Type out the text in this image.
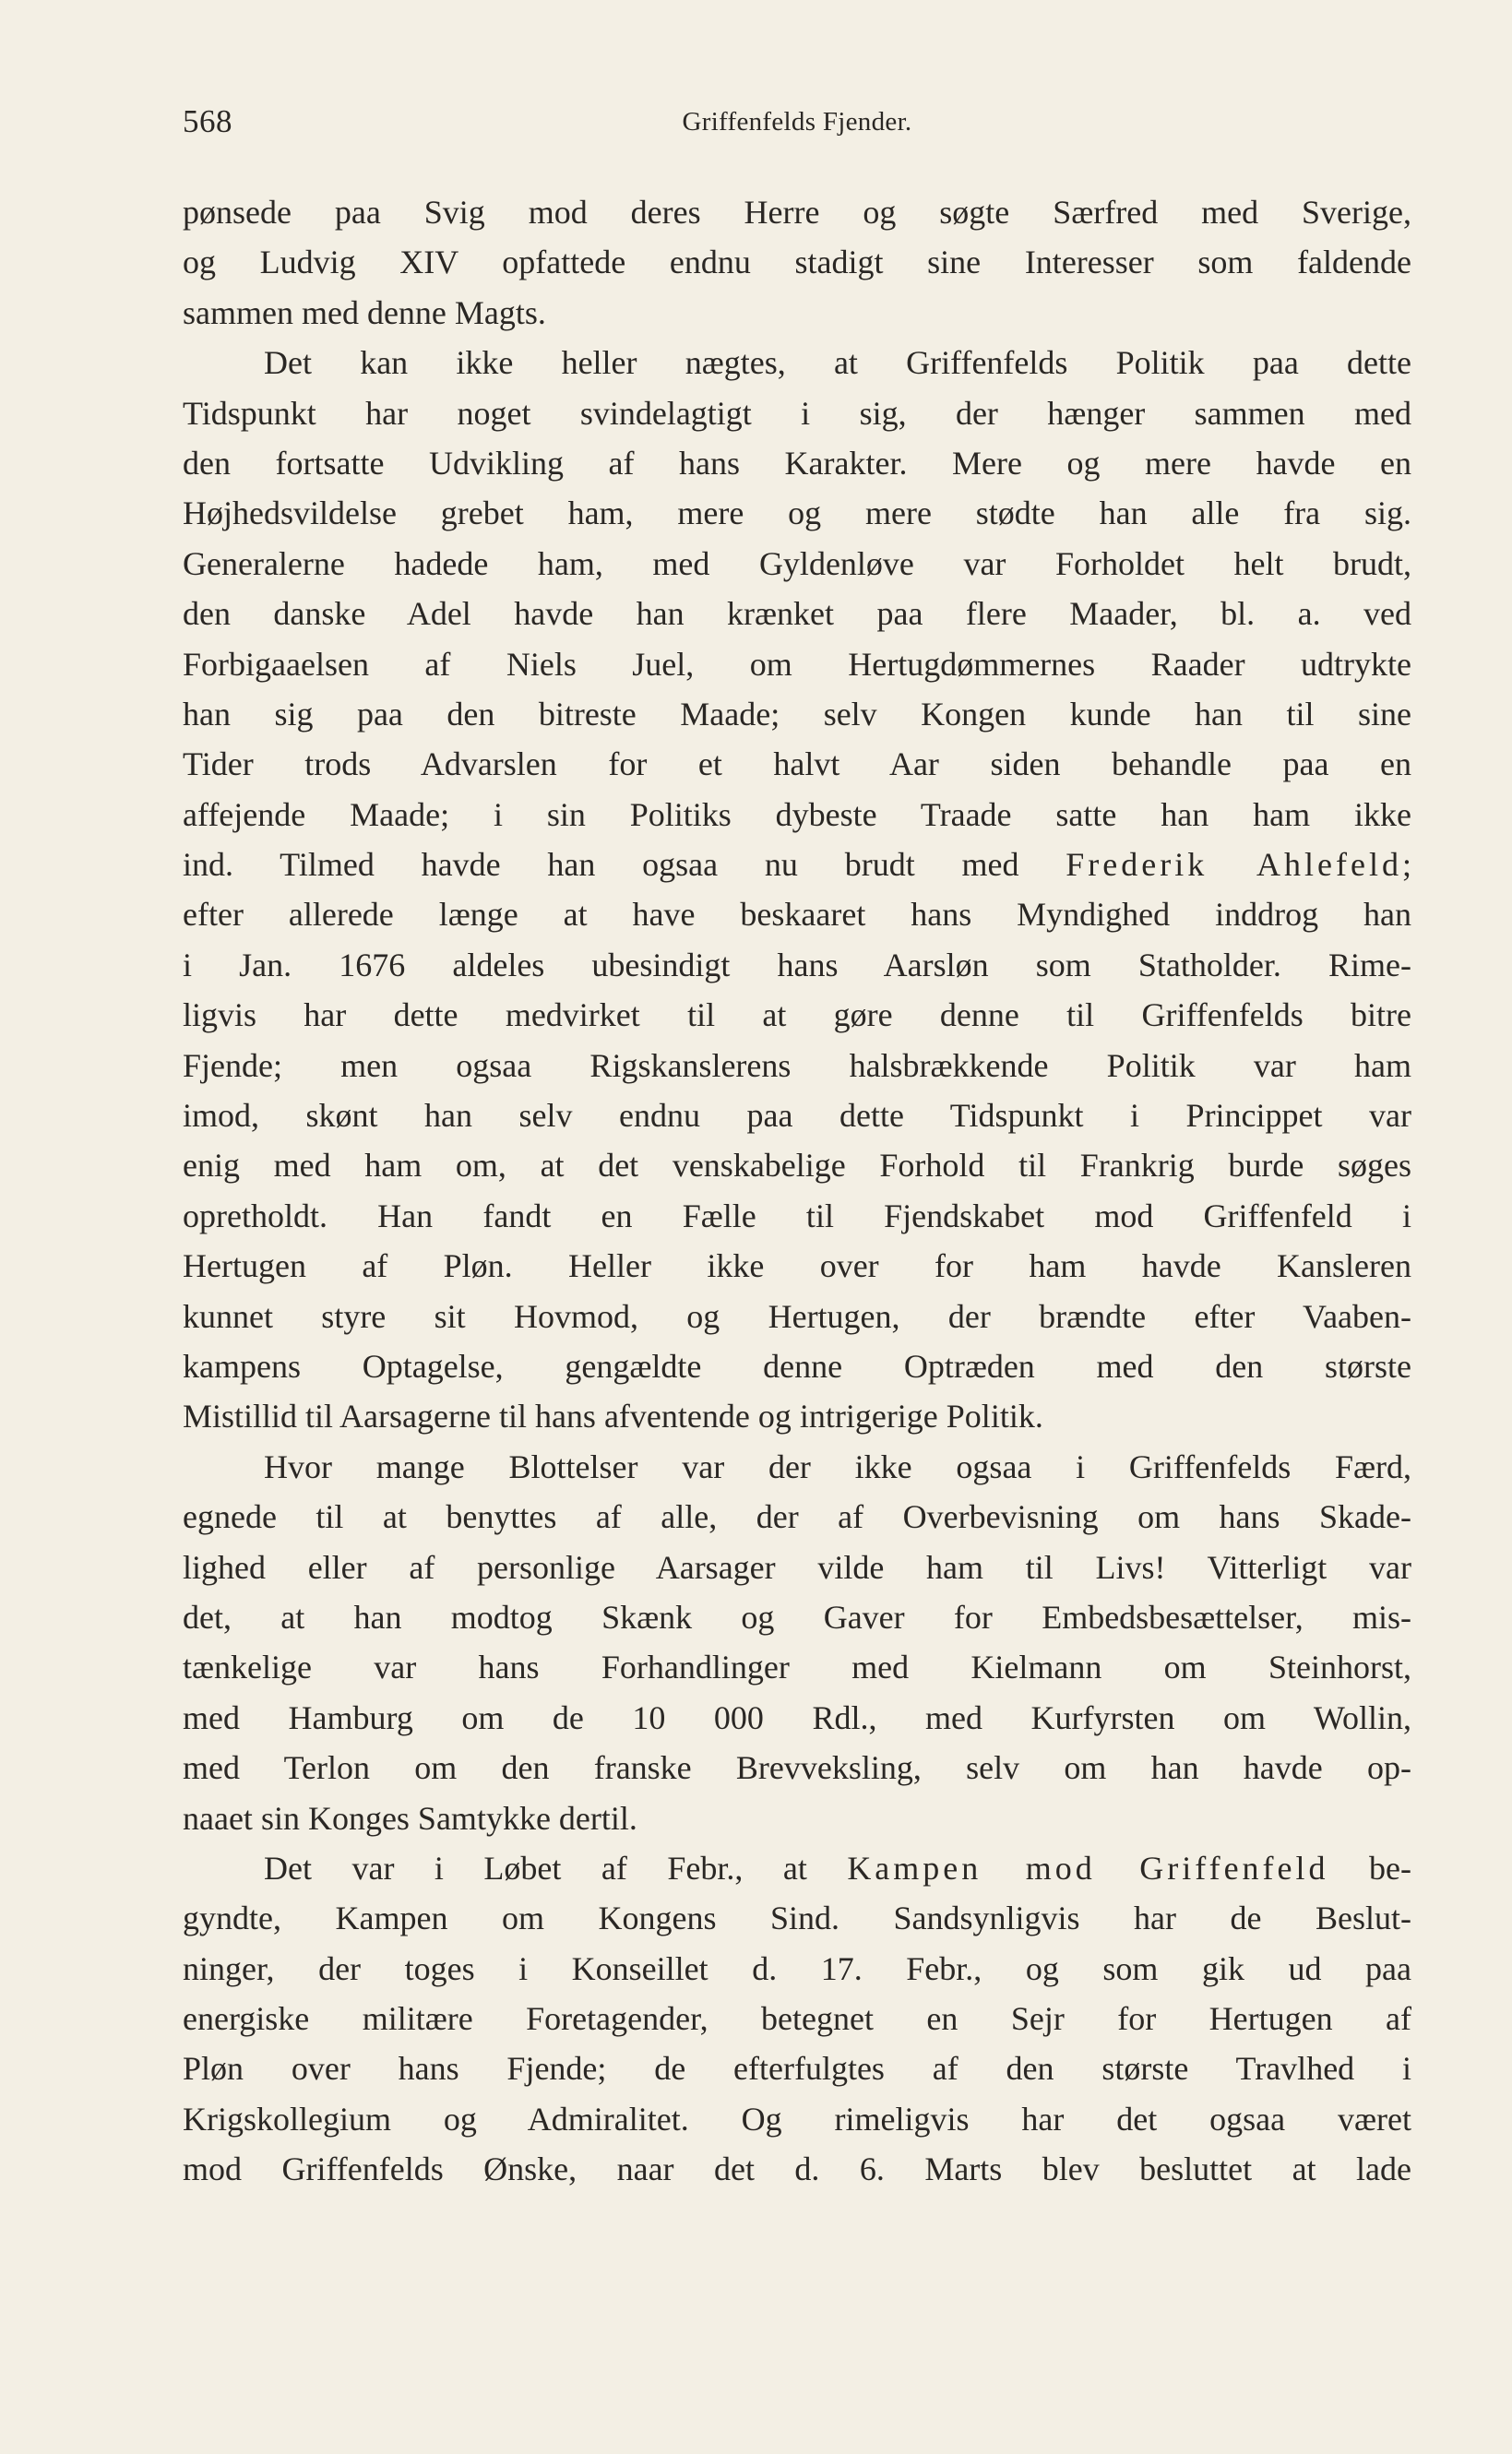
568	Griffenfelds Fjender.
pønsede paa Svig mod deres Herre og søgte Særfred med Sverige,
og Ludvig XIV opfattede endnu stadigt sine Interesser som faldende
sammen med denne Magts.
Det kan ikke heller nægtes, at Griffenfelds Politik paa dette
Tidspunkt har noget svindelagtigt i sig, der hænger sammen med
den fortsatte Udvikling af hans Karakter. Mere og mere havde en
Højhedsvildelse grebet ham, mere og mere stødte han alle fra sig.
Generalerne hadede ham, med Gyldenløve var Forholdet helt brudt,
den danske Adel havde han krænket paa flere Maader, bl. a. ved
Forbigaaelsen af Niels Juel, om Hertugdømmernes Raader udtrykte
han sig paa den bitreste Maade; selv Kongen kunde han til sine
Tider trods Advarslen for et halvt Aar siden behandle paa en
affejende Maade; i sin Politiks dybeste Traade satte han ham ikke
ind. Tilmed havde han ogsaa nu brudt med Frederik Ahlefeld;
efter allerede længe at have beskaaret hans Myndighed inddrog han
i Jan. 1676 aldeles ubesindigt hans Aarsløn som Statholder. Rime-
ligvis har dette medvirket til at gøre denne til Griffenfelds bitre
Fjende; men ogsaa Rigskanslerens halsbrækkende Politik var ham
imod, skønt han selv endnu paa dette Tidspunkt i Princippet var
enig med ham om, at det venskabelige Forhold til Frankrig burde søges
opretholdt. Han fandt en Fælle til Fjendskabet mod Griffenfeld i
Hertugen af Pløn. Heller ikke over for ham havde Kansleren
kunnet styre sit Hovmod, og Hertugen, der brændte efter Vaaben-
kampens Optagelse, gengældte denne Optræden med den største
Mistillid til Aarsagerne til hans afventende og intrigerige Politik.
Hvor mange Blottelser var der ikke ogsaa i Griffenfelds Færd,
egnede til at benyttes af alle, der af Overbevisning om hans Skade-
lighed eller af personlige Aarsager vilde ham til Livs! Vitterligt var
det, at han modtog Skænk og Gaver for Embedsbesættelser, mis-
tænkelige var hans Forhandlinger med Kielmann om Steinhorst,
med Hamburg om de 10 000 Rdl., med Kurfyrsten om Wollin,
med Terlon om den franske Brevveksling, selv om han havde op-
naaet sin Konges Samtykke dertil.
Det var i Løbet af Febr., at Kampen mod Griffenfeld be-
gyndte, Kampen om Kongens Sind. Sandsynligvis har de Beslut-
ninger, der toges i Konseillet d. 17. Febr., og som gik ud paa
energiske militære Foretagender, betegnet en Sejr for Hertugen af
Pløn over hans Fjende; de efterfulgtes af den største Travlhed i
Krigskollegium og Admiralitet. Og rimeligvis har det ogsaa været
mod Griffenfelds Ønske, naar det d. 6. Marts blev besluttet at lade
